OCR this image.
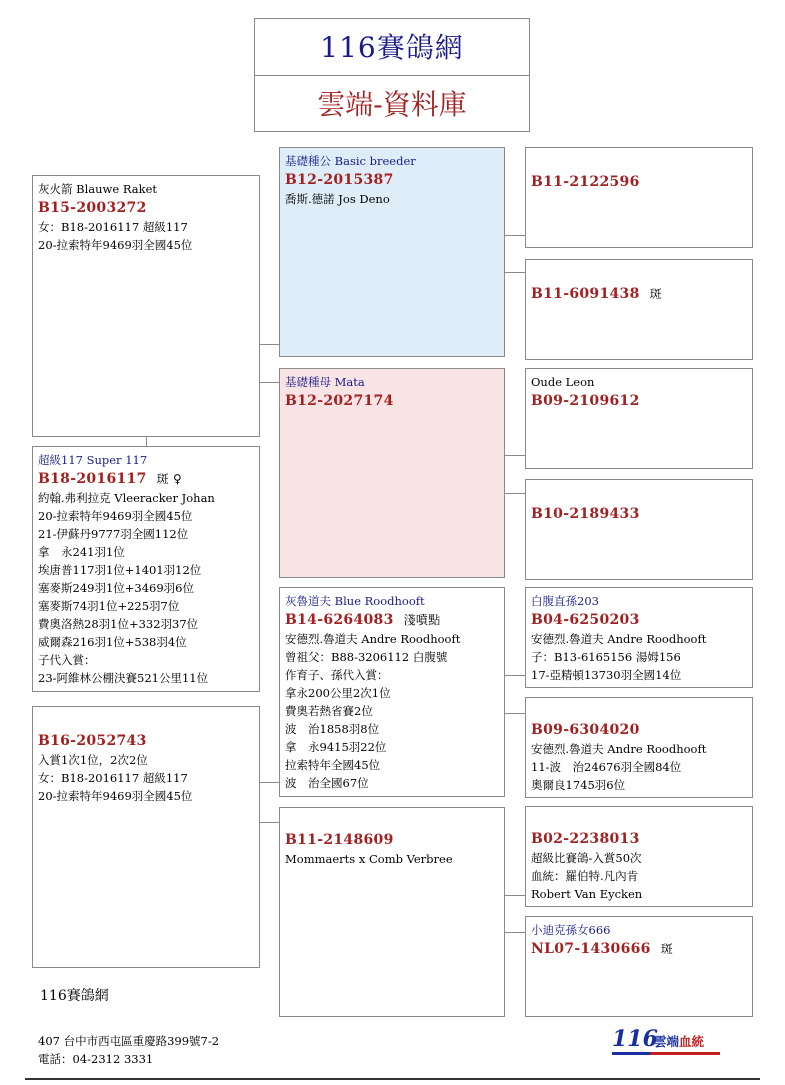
116賽鴿網
雲端-資料庫
灰火箭 Blauwe Raket
B15-2003272
女：B18-2016117 超級117
20-拉索特年9469羽全國45位
超級117 Super 117
B18-2016117 斑 ♀
約翰.弗利拉克 Vleeracker Johan
20-拉索特年9469羽全國45位
21-伊蘇丹9777羽全國112位
拿　永241羽1位
埃唐普117羽1位+1401羽12位
塞麥斯249羽1位+3469羽6位
塞麥斯74羽1位+225羽7位
費奧洛熱28羽1位+332羽37位
威爾森216羽1位+538羽4位
子代入賞：
23-阿維林公棚決賽521公里11位
B16-2052743
入賞1次1位，2次2位
女：B18-2016117 超級117
20-拉索特年9469羽全國45位
基礎種公 Basic breeder
B12-2015387
喬斯.德諾 Jos Deno
基礎種母 Mata
B12-2027174
灰魯道夫 Blue Roodhooft
B14-6264083 淺噴點
安德烈.魯道夫 Andre Roodhooft
曾祖父：B88-3206112 白腹號
作育子、孫代入賞：
拿永200公里2次1位
費奧若熱省賽2位
波　治1858羽8位
拿　永9415羽22位
拉索特年全國45位
波　治全國67位
B11-2148609
Mommaerts x Comb Verbree
B11-2122596
B11-6091438 斑
Oude Leon
B09-2109612
B10-2189433
白腹直孫203
B04-6250203
安德烈.魯道夫 Andre Roodhooft
子：B13-6165156 湯姆156
17-亞精頓13730羽全國14位
B09-6304020
安德烈.魯道夫 Andre Roodhooft
11-波　治24676羽全國84位
奧爾良1745羽6位
B02-2238013
超級比賽鴿-入賞50次
血統：羅伯特.凡內肯
Robert Van Eycken
小迪克孫女666
NL07-1430666 斑
116賽鴿網
407 台中市西屯區重慶路399號7-2
電話：04-2312 3331
116
雲端血統
